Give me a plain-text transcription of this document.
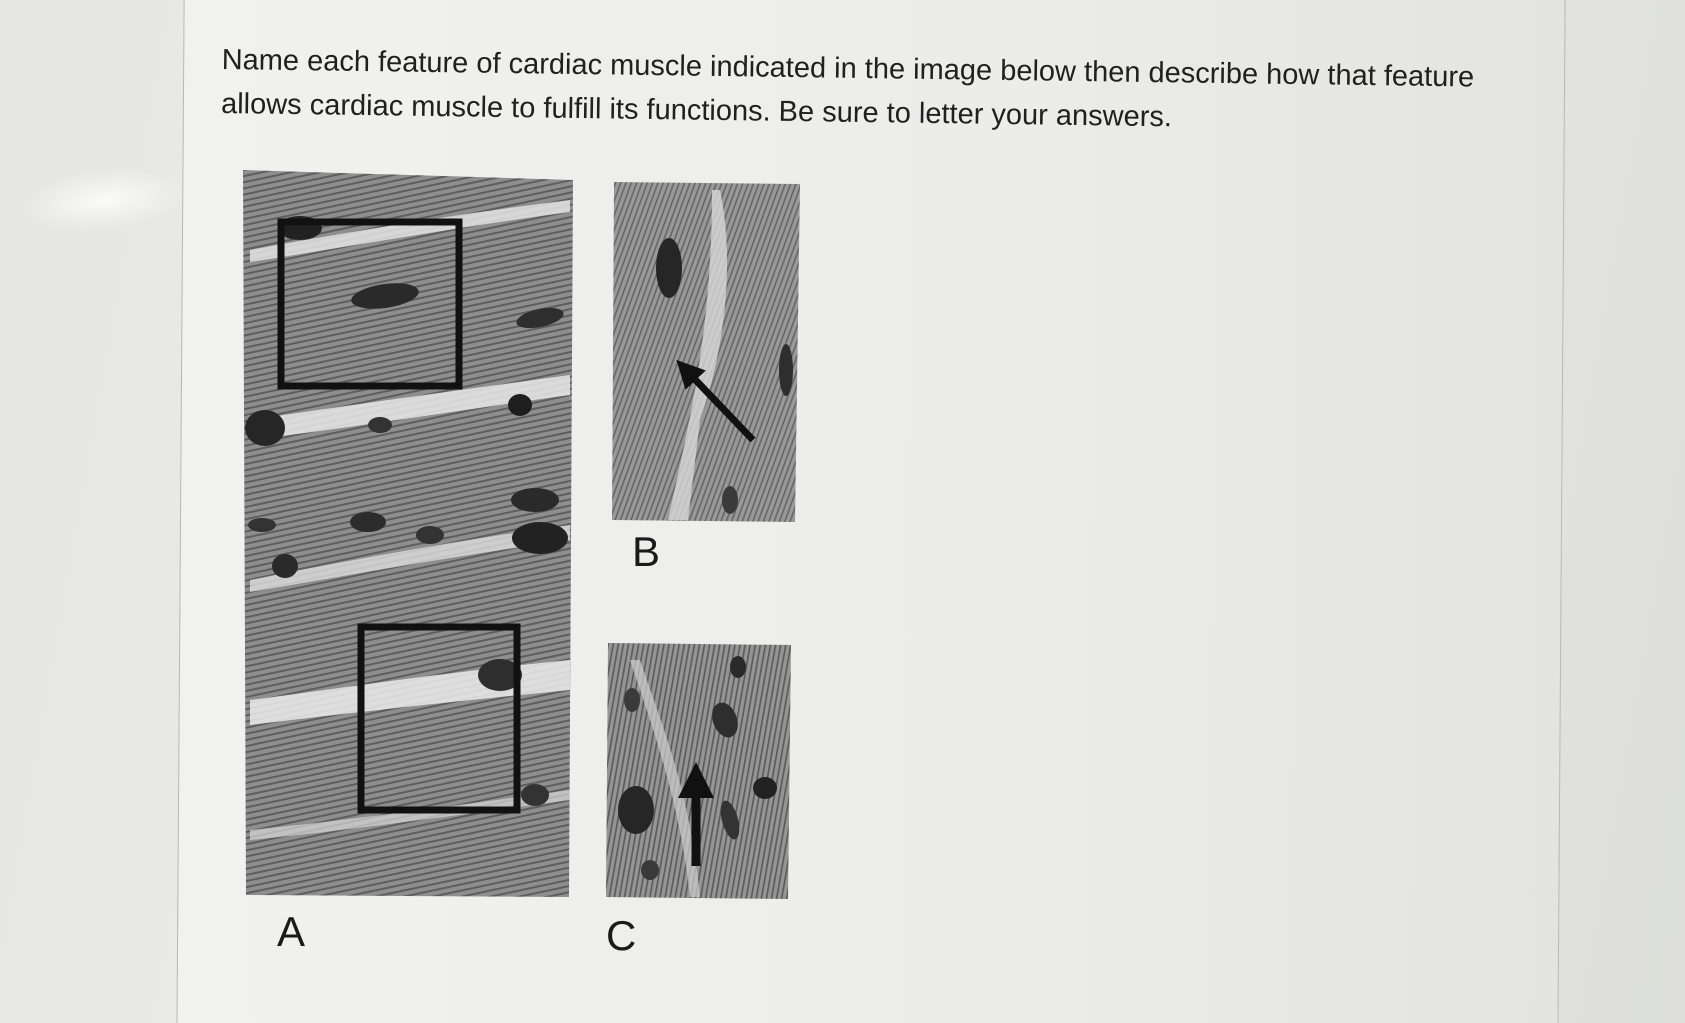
Name each feature of cardiac muscle indicated in the image below then describe how that feature allows cardiac muscle to fulfill its functions. Be sure to letter your answers.

A
B
C
